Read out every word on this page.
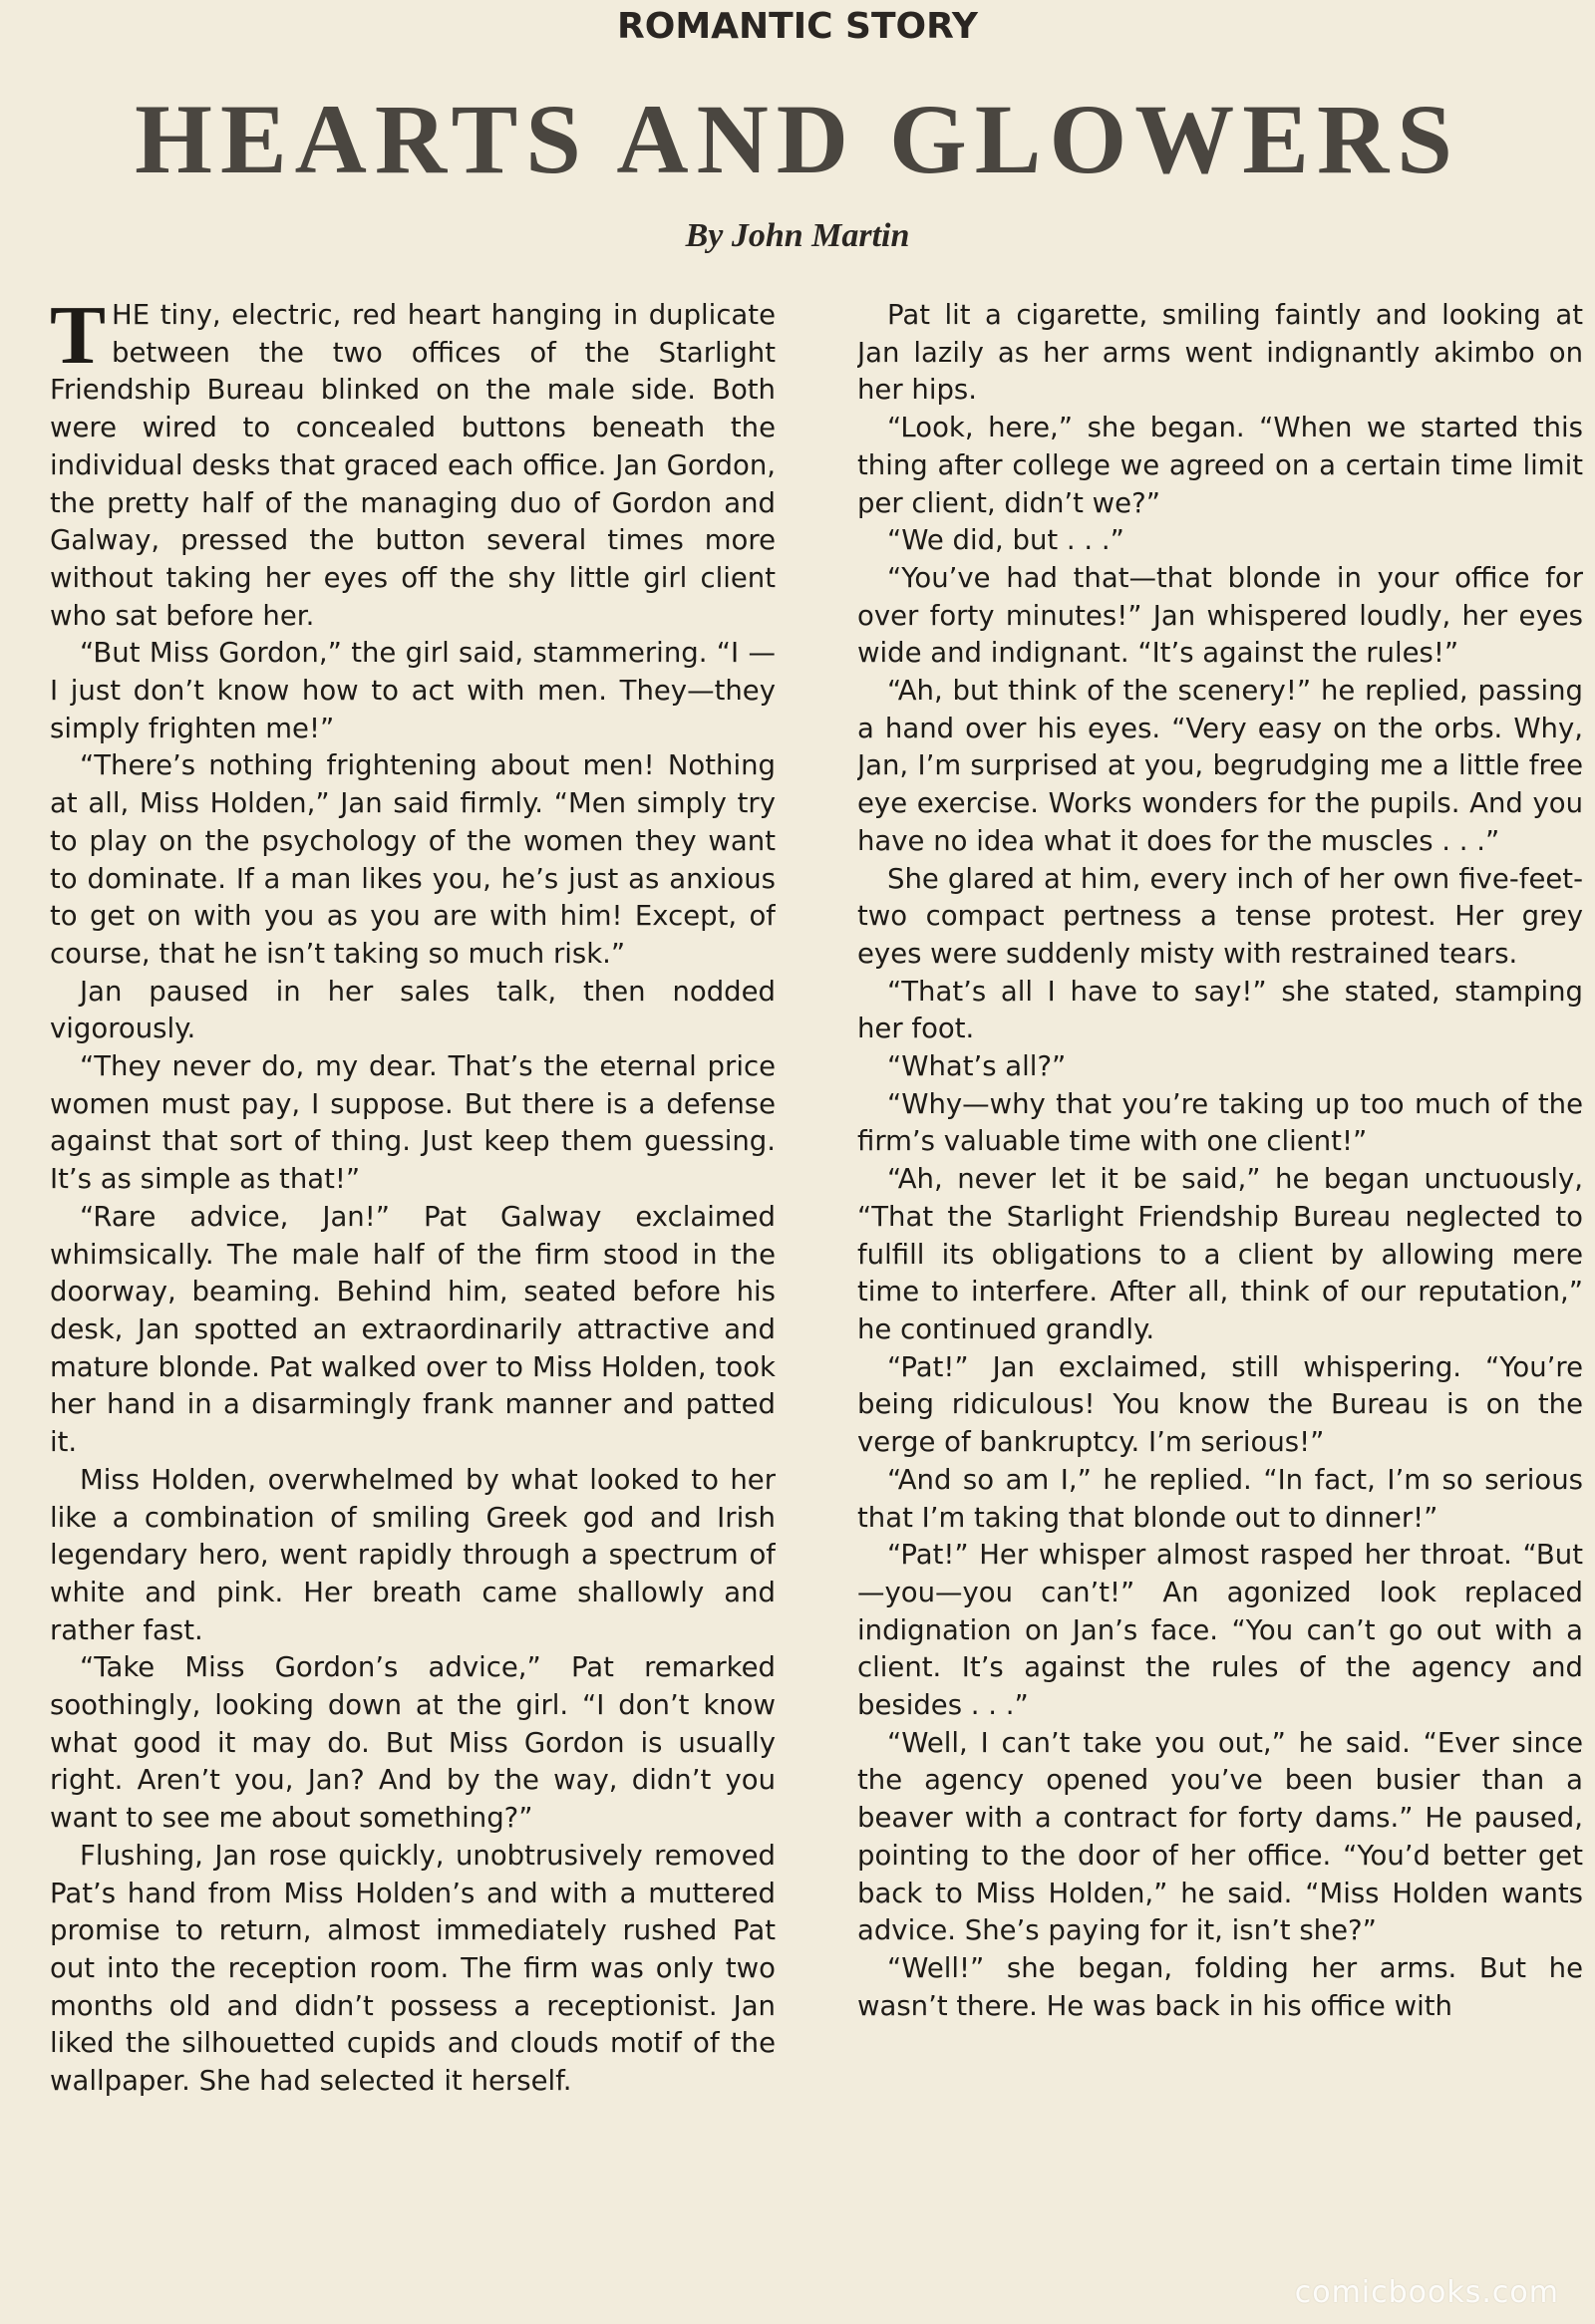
ROMANTIC STORY
HEARTS AND GLOWERS
By John Martin

THE tiny, electric, red heart hanging in duplicate between the two offices of the Starlight Friendship Bureau blinked on the male side. Both were wired to concealed buttons beneath the individual desks that graced each office. Jan Gordon, the pretty half of the managing duo of Gordon and Galway, pressed the button several times more without taking her eyes off the shy little girl client who sat before her.

“But Miss Gordon,” the girl said, stammering. “I — I just don’t know how to act with men. They—they simply frighten me!”

“There’s nothing frightening about men! Nothing at all, Miss Holden,” Jan said firmly. “Men simply try to play on the psychology of the women they want to dominate. If a man likes you, he’s just as anxious to get on with you as you are with him! Except, of course, that he isn’t taking so much risk.”

Jan paused in her sales talk, then nodded vigorously.

“They never do, my dear. That’s the eternal price women must pay, I suppose. But there is a defense against that sort of thing. Just keep them guessing. It’s as simple as that!”

“Rare advice, Jan!” Pat Galway exclaimed whimsically. The male half of the firm stood in the doorway, beaming. Behind him, seated before his desk, Jan spotted an extraordinarily attractive and mature blonde. Pat walked over to Miss Holden, took her hand in a disarmingly frank manner and patted it.

Miss Holden, overwhelmed by what looked to her like a combination of smiling Greek god and Irish legendary hero, went rapidly through a spectrum of white and pink. Her breath came shallowly and rather fast.

“Take Miss Gordon’s advice,” Pat remarked soothingly, looking down at the girl. “I don’t know what good it may do. But Miss Gordon is usually right. Aren’t you, Jan? And by the way, didn’t you want to see me about something?”

Flushing, Jan rose quickly, unobtrusively removed Pat’s hand from Miss Holden’s and with a muttered promise to return, almost immediately rushed Pat out into the reception room. The firm was only two months old and didn’t possess a receptionist. Jan liked the silhouetted cupids and clouds motif of the wallpaper. She had selected it herself.

Pat lit a cigarette, smiling faintly and looking at Jan lazily as her arms went indignantly akimbo on her hips.

“Look, here,” she began. “When we started this thing after college we agreed on a certain time limit per client, didn’t we?”

“We did, but . . .”

“You’ve had that—that blonde in your office for over forty minutes!” Jan whispered loudly, her eyes wide and indignant. “It’s against the rules!”

“Ah, but think of the scenery!” he replied, passing a hand over his eyes. “Very easy on the orbs. Why, Jan, I’m surprised at you, begrudging me a little free eye exercise. Works wonders for the pupils. And you have no idea what it does for the muscles . . .”

She glared at him, every inch of her own five-feet-two compact pertness a tense protest. Her grey eyes were suddenly misty with restrained tears.

“That’s all I have to say!” she stated, stamping her foot.

“What’s all?”

“Why—why that you’re taking up too much of the firm’s valuable time with one client!”

“Ah, never let it be said,” he began unctuously, “That the Starlight Friendship Bureau neglected to fulfill its obligations to a client by allowing mere time to interfere. After all, think of our reputation,” he continued grandly.

“Pat!” Jan exclaimed, still whispering. “You’re being ridiculous! You know the Bureau is on the verge of bankruptcy. I’m serious!”

“And so am I,” he replied. “In fact, I’m so serious that I’m taking that blonde out to dinner!”

“Pat!” Her whisper almost rasped her throat. “But—you—you can’t!” An agonized look replaced indignation on Jan’s face. “You can’t go out with a client. It’s against the rules of the agency and besides . . .”

“Well, I can’t take you out,” he said. “Ever since the agency opened you’ve been busier than a beaver with a contract for forty dams.” He paused, pointing to the door of her office. “You’d better get back to Miss Holden,” he said. “Miss Holden wants advice. She’s paying for it, isn’t she?”

“Well!” she began, folding her arms. But he wasn’t there. He was back in his office with

comicbooks.com
